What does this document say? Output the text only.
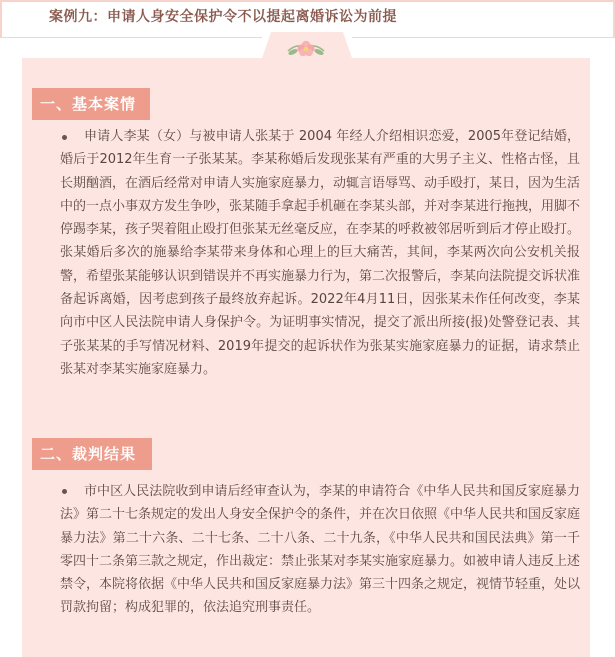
案例九：申请人身安全保护令不以提起离婚诉讼为前提
一、基本案情
申请人李某（女）与被申请人张某于 2004 年经人介绍相识恋爱，2005年登记结婚，婚后于2012年生育一子张某某。李某称婚后发现张某有严重的大男子主义、性格古怪，且长期酗酒，在酒后经常对申请人实施家庭暴力，动辄言语辱骂、动手殴打，某日，因为生活中的一点小事双方发生争吵，张某随手拿起手机砸在李某头部，并对李某进行拖拽，用脚不停踢李某，孩子哭着阻止殴打但张某无丝毫反应，在李某的呼救被邻居听到后才停止殴打。张某婚后多次的施暴给李某带来身体和心理上的巨大痛苦，其间，李某两次向公安机关报警，希望张某能够认识到错误并不再实施暴力行为，第二次报警后，李某向法院提交诉状准备起诉离婚，因考虑到孩子最终放弃起诉。2022年4月11日，因张某未作任何改变，李某向市中区人民法院申请人身保护令。为证明事实情况，提交了派出所接(报)处警登记表、其子张某某的手写情况材料、2019年提交的起诉状作为张某实施家庭暴力的证据，请求禁止张某对李某实施家庭暴力。
二、裁判结果
市中区人民法院收到申请后经审查认为，李某的申请符合《中华人民共和国反家庭暴力法》第二十七条规定的发出人身安全保护令的条件，并在次日依照《中华人民共和国反家庭暴力法》第二十六条、二十七条、二十八条、二十九条，《中华人民共和国民法典》第一千零四十二条第三款之规定，作出裁定：禁止张某对李某实施家庭暴力。如被申请人违反上述禁令，本院将依据《中华人民共和国反家庭暴力法》第三十四条之规定，视情节轻重，处以罚款拘留；构成犯罪的，依法追究刑事责任。
